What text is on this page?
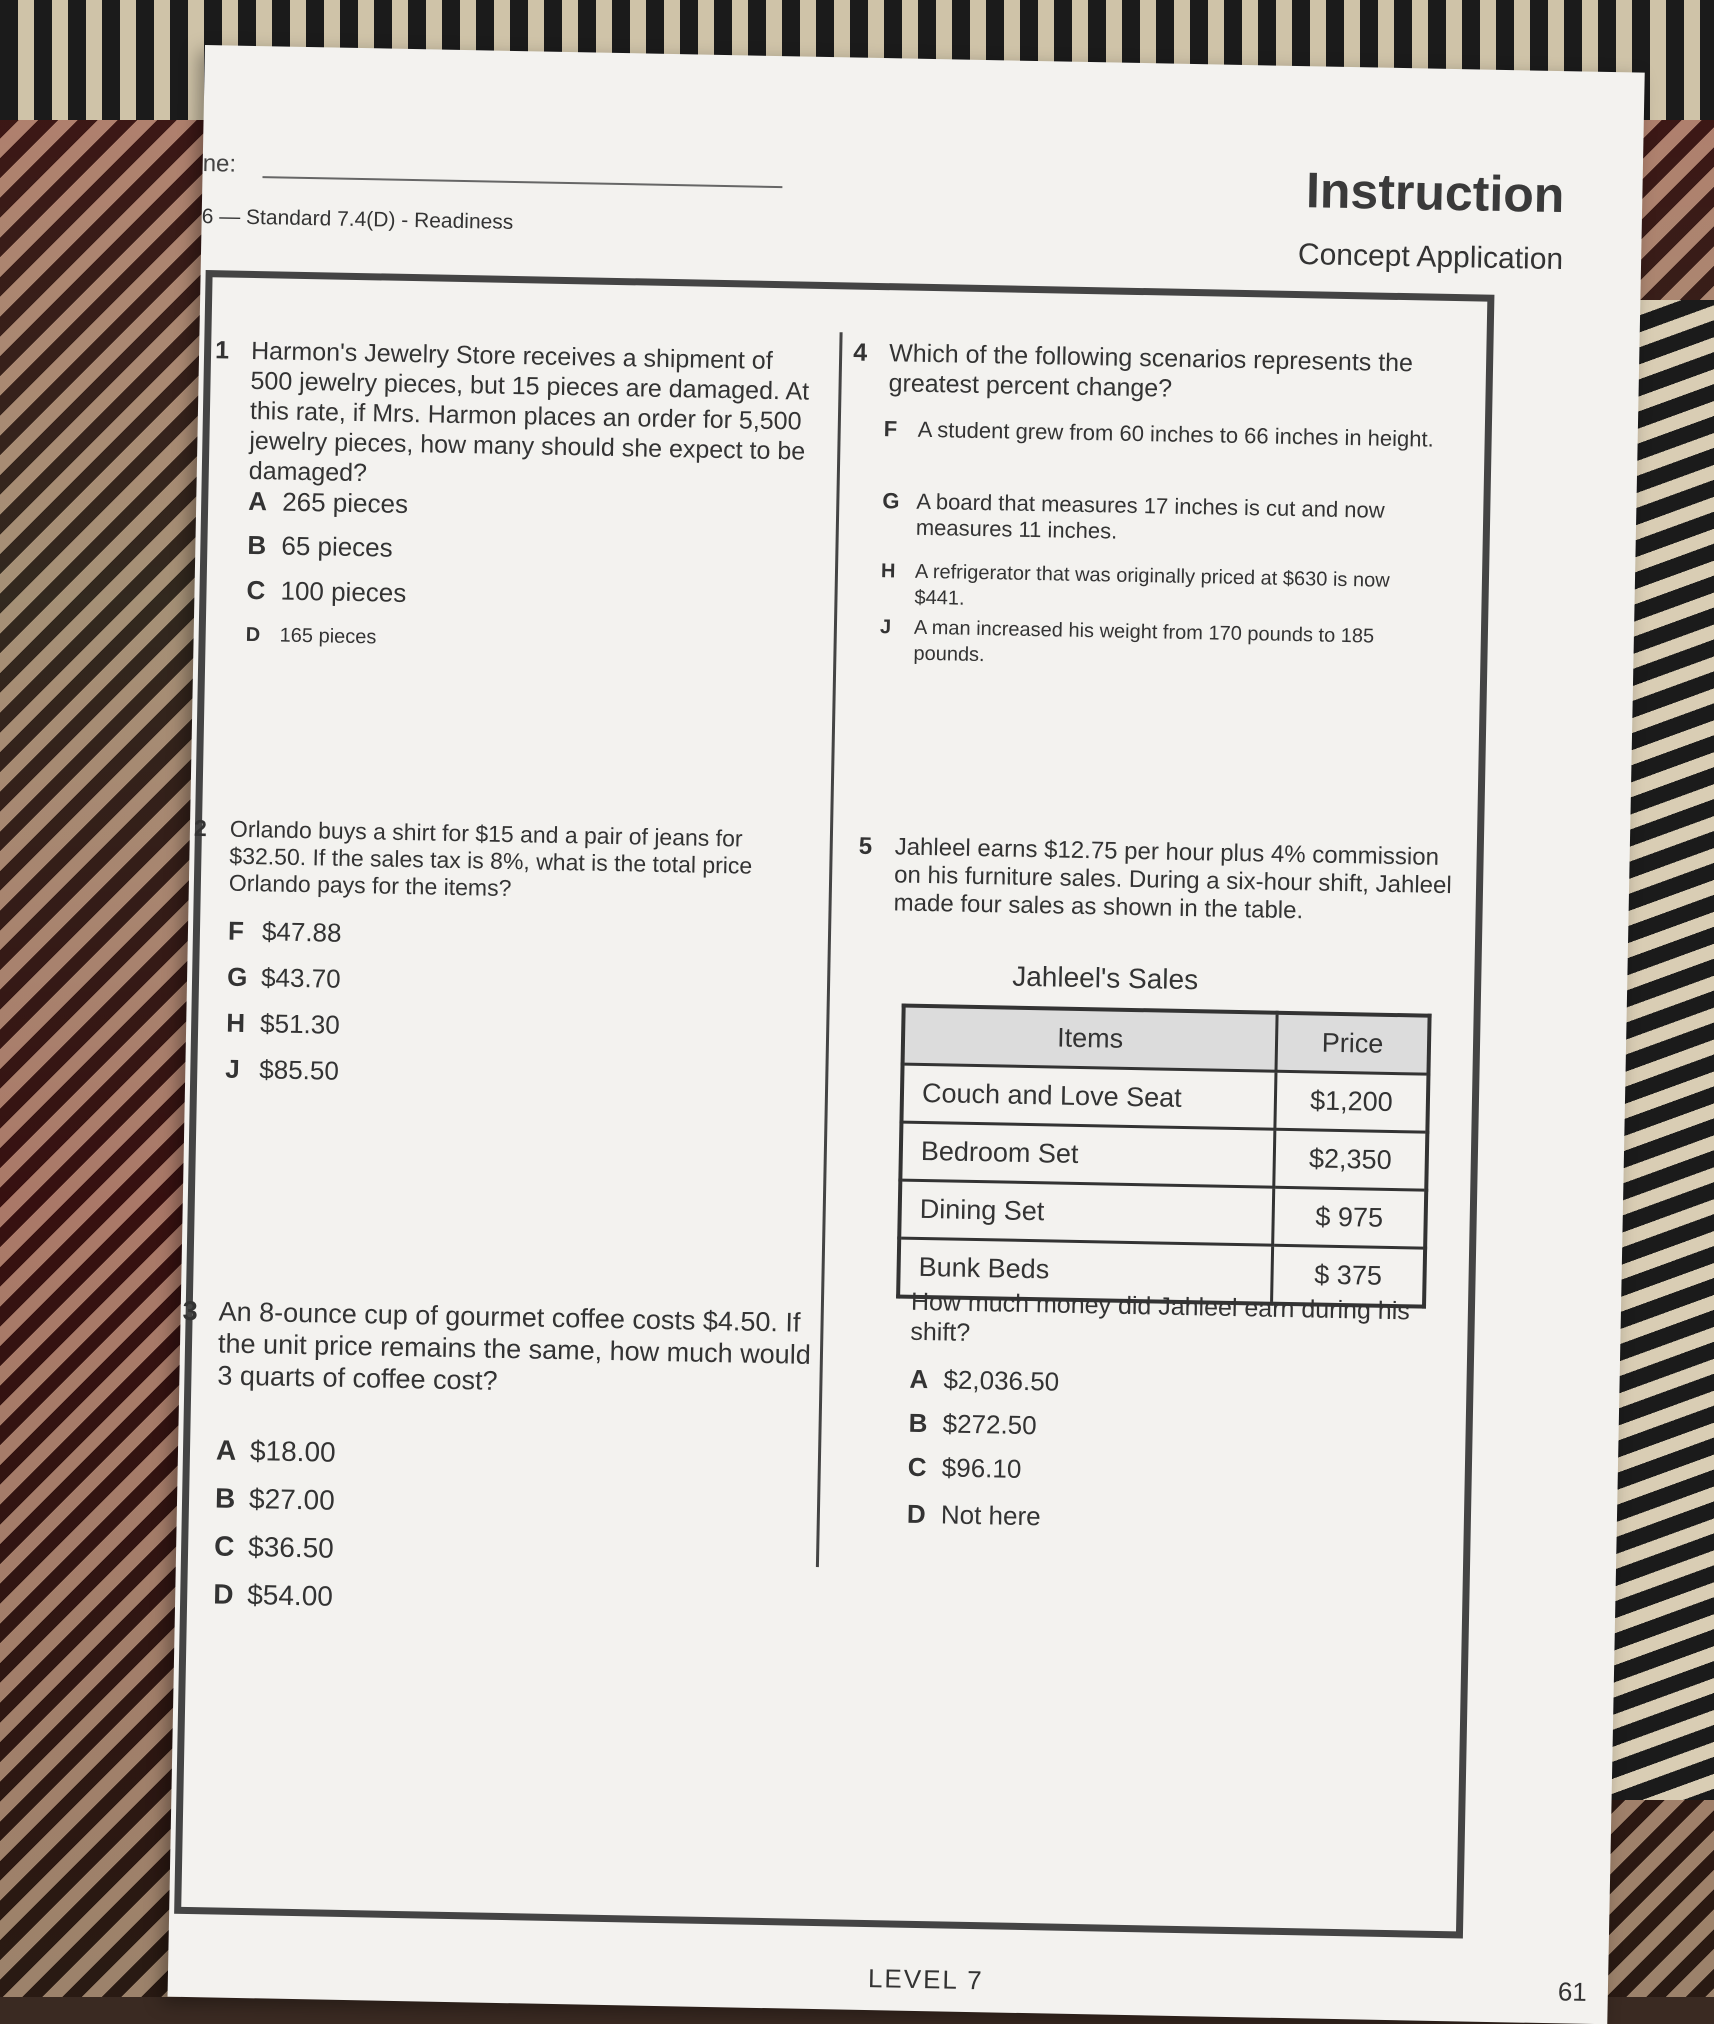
ne:
6 — Standard 7.4(D) - Readiness	Instruction
Concept Application
1 Harmon's Jewelry Store receives a shipment of 500 jewelry pieces, but 15 pieces are damaged. At this rate, if Mrs. Harmon places an order for 5,500 jewelry pieces, how many should she expect to be damaged?
A 265 pieces
B 65 pieces
C 100 pieces
D 165 pieces
2 Orlando buys a shirt for $15 and a pair of jeans for $32.50. If the sales tax is 8%, what is the total price Orlando pays for the items?
F $47.88
G $43.70
H $51.30
J $85.50
3 An 8-ounce cup of gourmet coffee costs $4.50. If the unit price remains the same, how much would 3 quarts of coffee cost?
A $18.00
B $27.00
C $36.50
D $54.00
4 Which of the following scenarios represents the greatest percent change?
F A student grew from 60 inches to 66 inches in height.
G A board that measures 17 inches is cut and now measures 11 inches.
H A refrigerator that was originally priced at $630 is now $441.
J A man increased his weight from 170 pounds to 185 pounds.
5 Jahleel earns $12.75 per hour plus 4% commission on his furniture sales. During a six-hour shift, Jahleel made four sales as shown in the table.
Jahleel's Sales
Items	Price
Couch and Love Seat	$1,200
Bedroom Set	$2,350
Dining Set	$ 975
Bunk Beds	$ 375
How much money did Jahleel earn during his shift?
A $2,036.50
B $272.50
C $96.10
D Not here
LEVEL 7	61
